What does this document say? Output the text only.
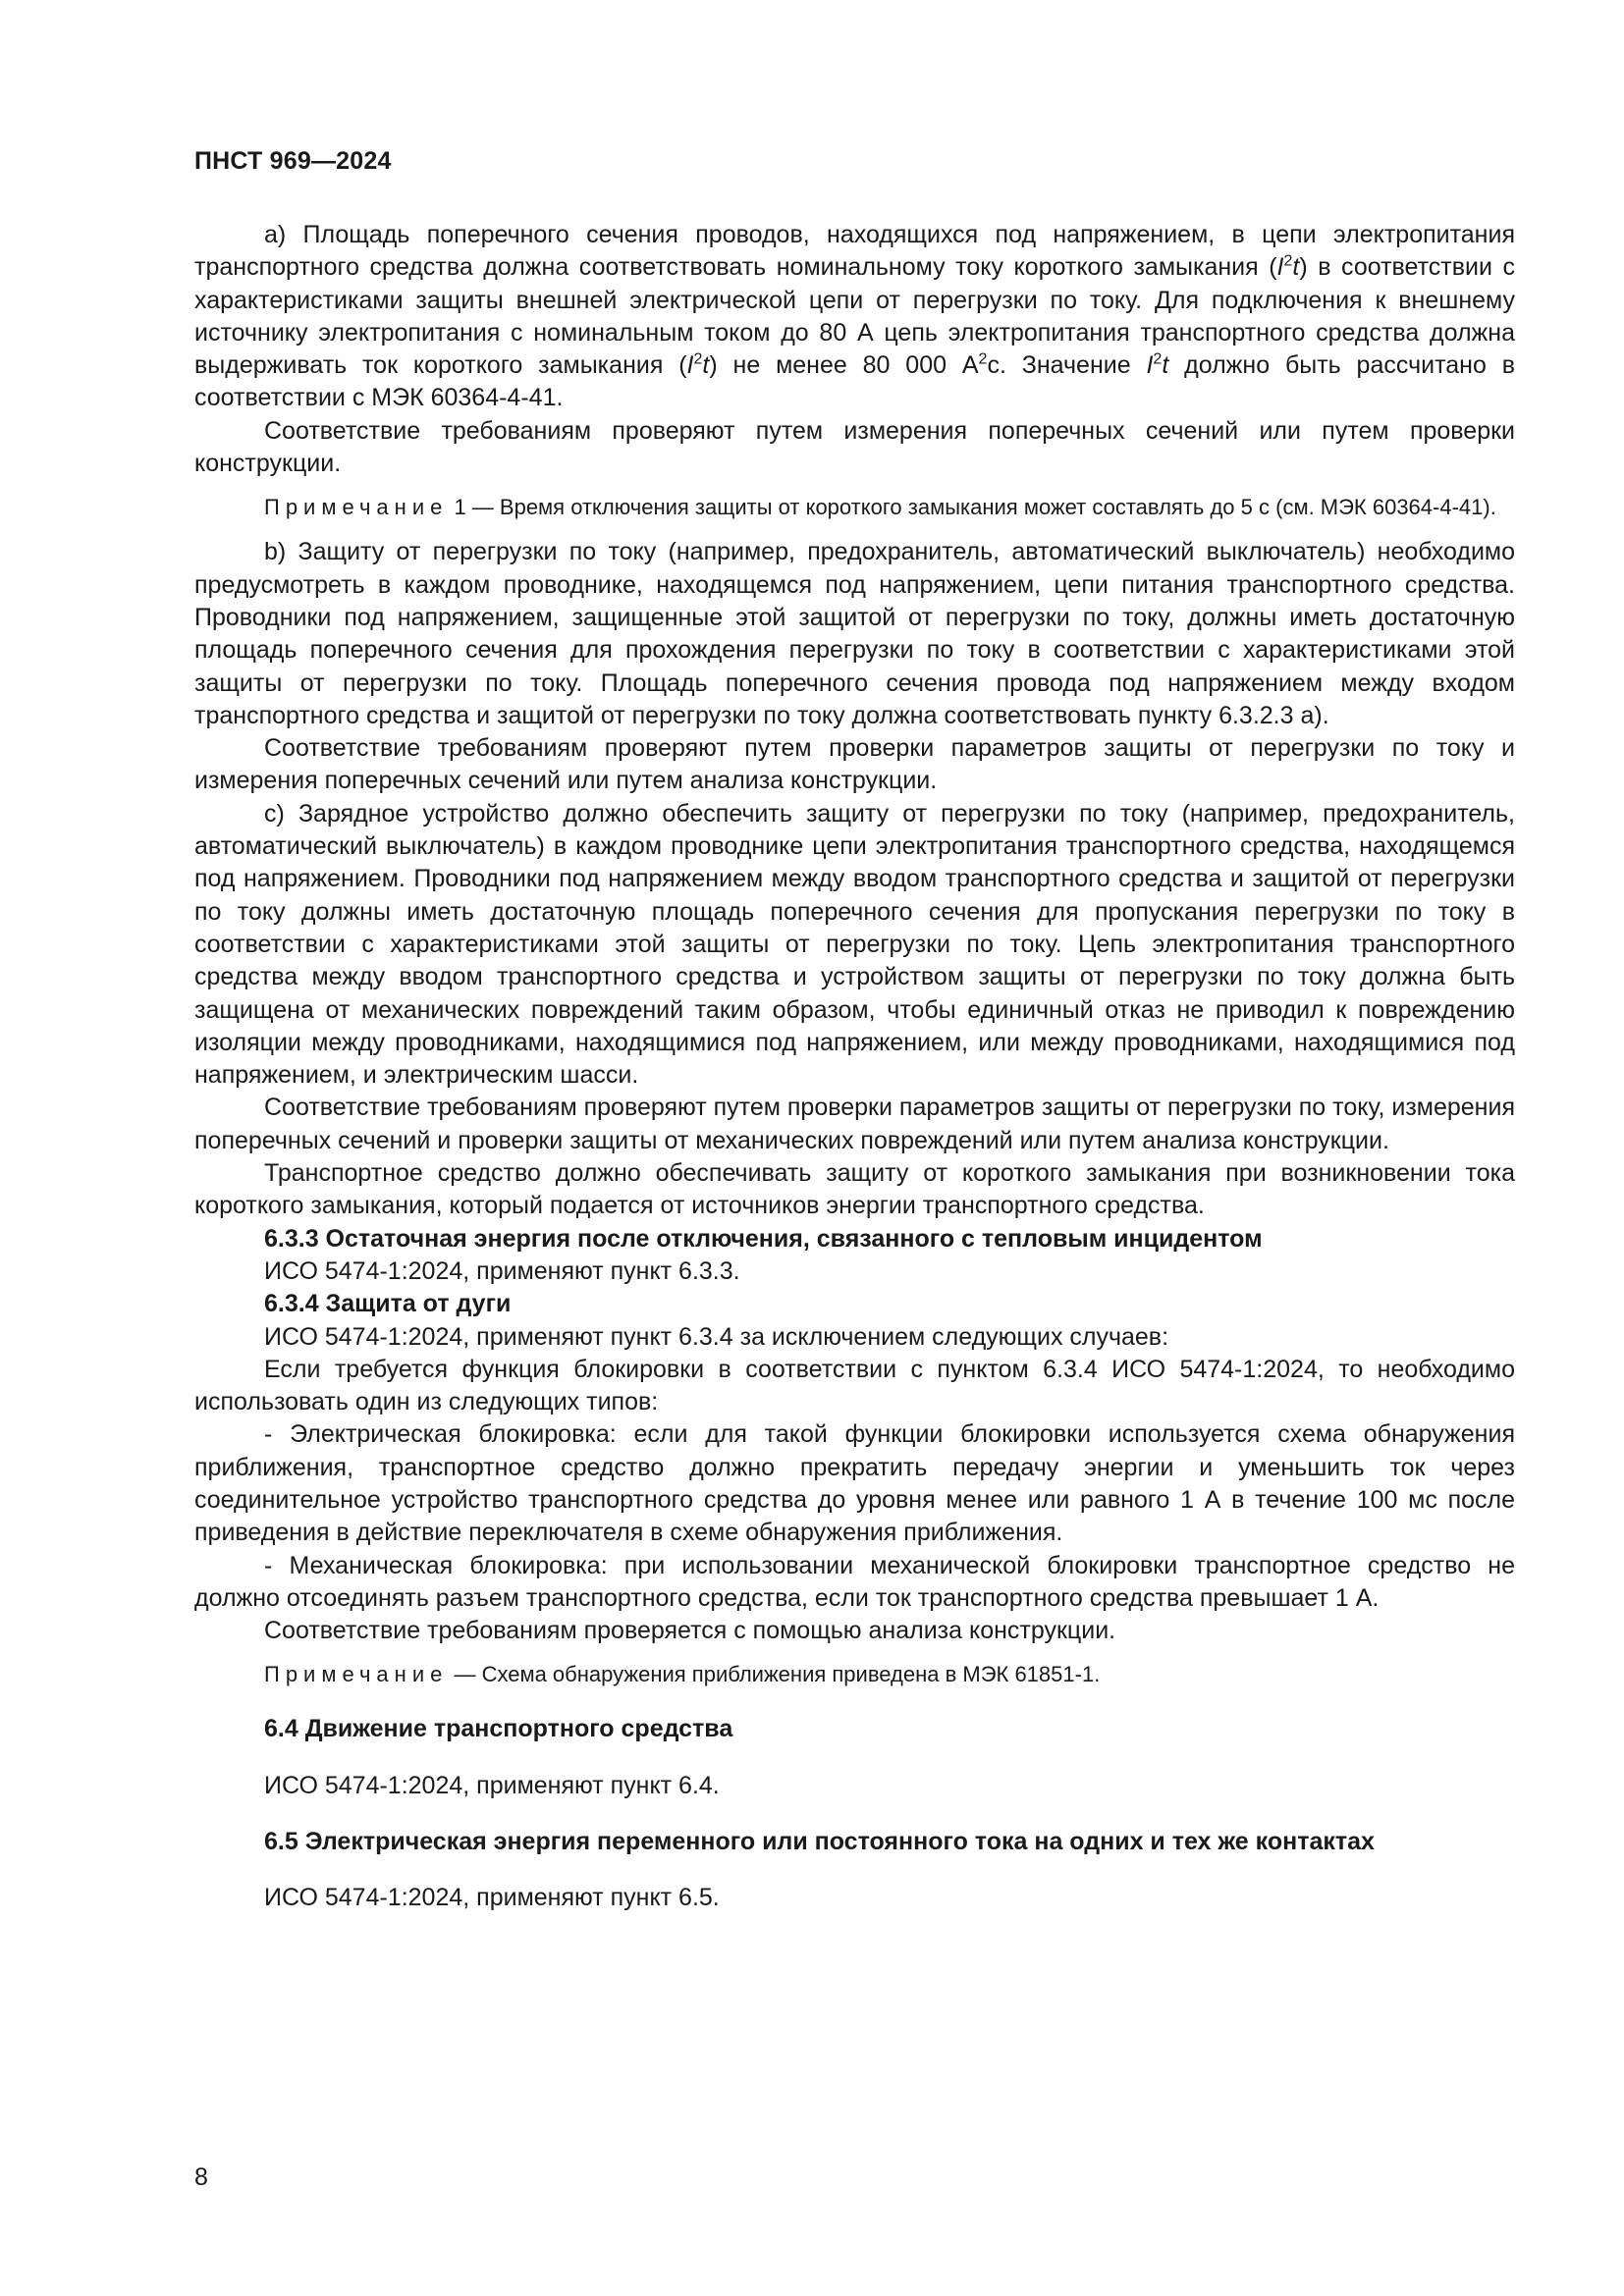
ПНСТ 969—2024

a) Площадь поперечного сечения проводов, находящихся под напряжением, в цепи электропитания транспортного средства должна соответствовать номинальному току короткого замыкания $(I^2t)$ в соответствии с характеристиками защиты внешней электрической цепи от перегрузки по току. Для подключения к внешнему источнику электропитания с номинальным током до 80 А цепь электропитания транспортного средства должна выдерживать ток короткого замыкания $(I^2t)$ не менее 80 000 $А^2с$. Значение $I^2t$ должно быть рассчитано в соответствии с МЭК 60364-4-41.

Соответствие требованиям проверяют путем измерения поперечных сечений или путем проверки конструкции.

Примечание 1 — Время отключения защиты от короткого замыкания может составлять до 5 с (см. МЭК 60364-4-41).

b) Защиту от перегрузки по току (например, предохранитель, автоматический выключатель) необходимо предусмотреть в каждом проводнике, находящемся под напряжением, цепи питания транспортного средства. Проводники под напряжением, защищенные этой защитой от перегрузки по току, должны иметь достаточную площадь поперечного сечения для прохождения перегрузки по току в соответствии с характеристиками этой защиты от перегрузки по току. Площадь поперечного сечения провода под напряжением между входом транспортного средства и защитой от перегрузки по току должна соответствовать пункту 6.3.2.3 a).

Соответствие требованиям проверяют путем проверки параметров защиты от перегрузки по току и измерения поперечных сечений или путем анализа конструкции.

c) Зарядное устройство должно обеспечить защиту от перегрузки по току (например, предохранитель, автоматический выключатель) в каждом проводнике цепи электропитания транспортного средства, находящемся под напряжением. Проводники под напряжением между вводом транспортного средства и защитой от перегрузки по току должны иметь достаточную площадь поперечного сечения для пропускания перегрузки по току в соответствии с характеристиками этой защиты от перегрузки по току. Цепь электропитания транспортного средства между вводом транспортного средства и устройством защиты от перегрузки по току должна быть защищена от механических повреждений таким образом, чтобы единичный отказ не приводил к повреждению изоляции между проводниками, находящимися под напряжением, или между проводниками, находящимися под напряжением, и электрическим шасси.

Соответствие требованиям проверяют путем проверки параметров защиты от перегрузки по току, измерения поперечных сечений и проверки защиты от механических повреждений или путем анализа конструкции.

Транспортное средство должно обеспечивать защиту от короткого замыкания при возникновении тока короткого замыкания, который подается от источников энергии транспортного средства.

6.3.3 Остаточная энергия после отключения, связанного с тепловым инцидентом

ИСО 5474-1:2024, применяют пункт 6.3.3.

6.3.4 Защита от дуги

ИСО 5474-1:2024, применяют пункт 6.3.4 за исключением следующих случаев:

Если требуется функция блокировки в соответствии с пунктом 6.3.4 ИСО 5474-1:2024, то необходимо использовать один из следующих типов:

- Электрическая блокировка: если для такой функции блокировки используется схема обнаружения приближения, транспортное средство должно прекратить передачу энергии и уменьшить ток через соединительное устройство транспортного средства до уровня менее или равного 1 А в течение 100 мс после приведения в действие переключателя в схеме обнаружения приближения.

- Механическая блокировка: при использовании механической блокировки транспортное средство не должно отсоединять разъем транспортного средства, если ток транспортного средства превышает 1 А.

Соответствие требованиям проверяется с помощью анализа конструкции.

Примечание — Схема обнаружения приближения приведена в МЭК 61851-1.

6.4 Движение транспортного средства

ИСО 5474-1:2024, применяют пункт 6.4.

6.5 Электрическая энергия переменного или постоянного тока на одних и тех же контактах

ИСО 5474-1:2024, применяют пункт 6.5.

8
